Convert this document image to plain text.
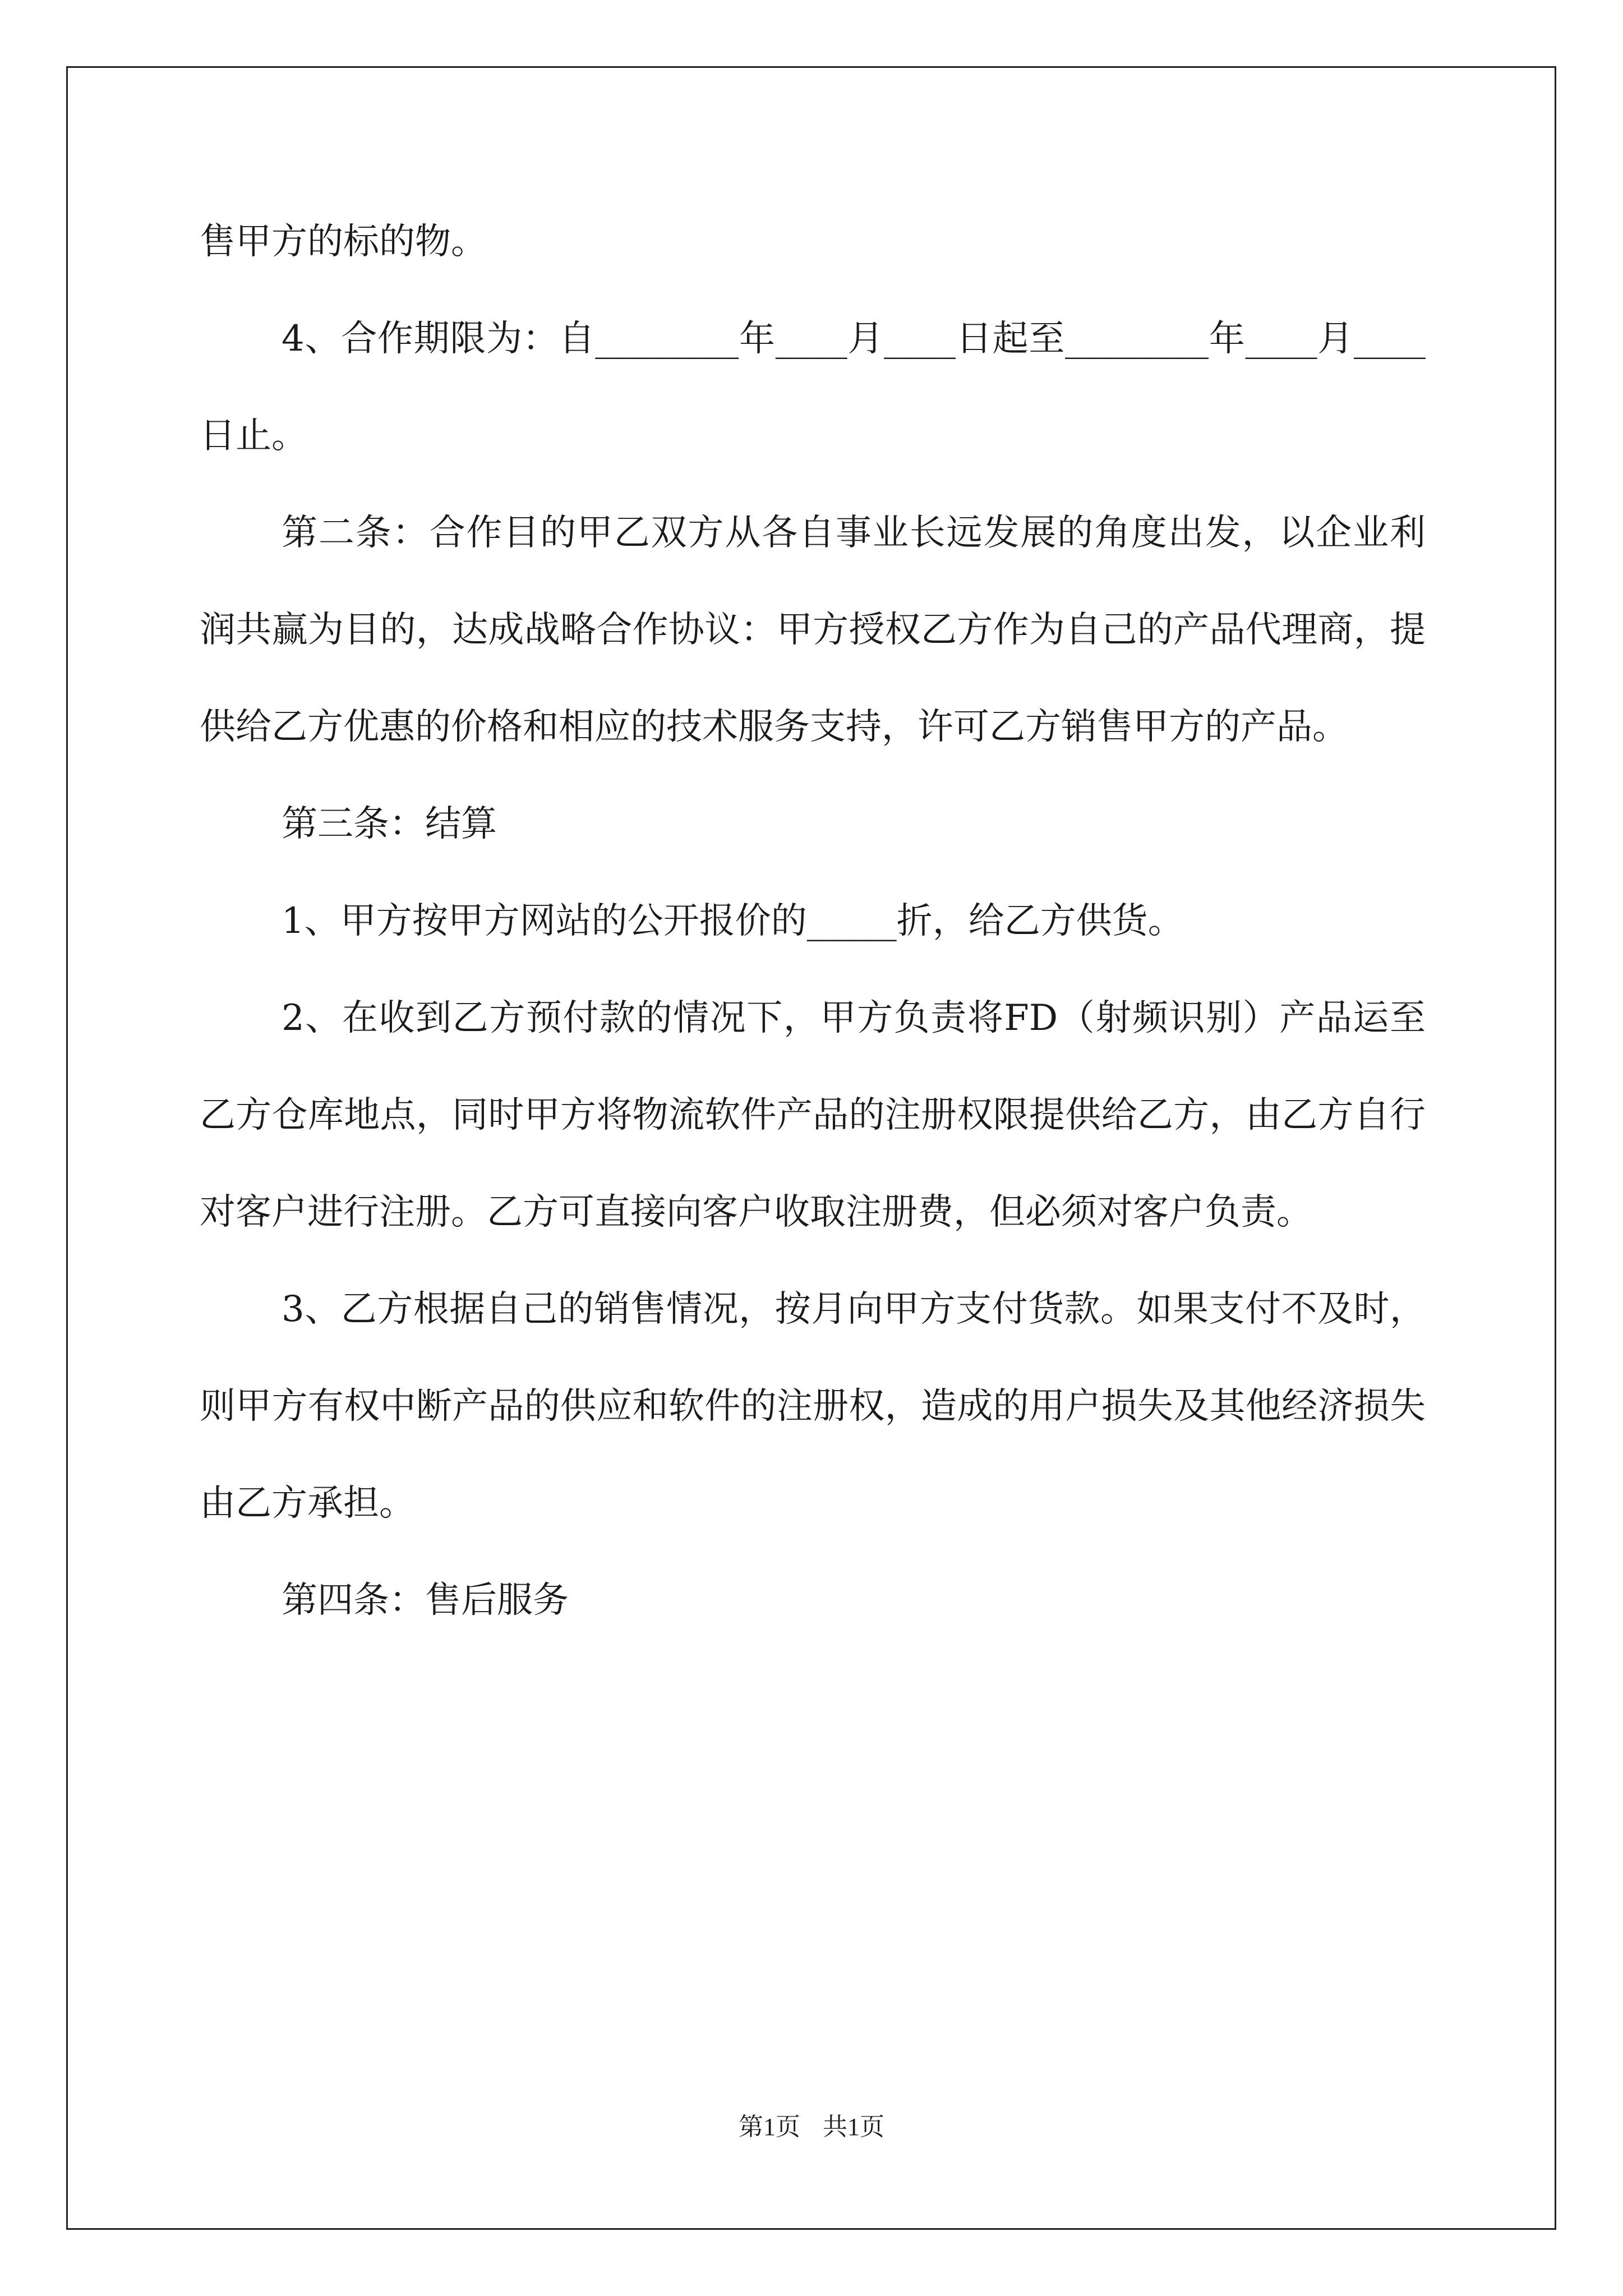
售甲方的标的物。

4、合作期限为：自________年____月____日起至________年____月____日止。

第二条：合作目的甲乙双方从各自事业长远发展的角度出发，以企业利润共赢为目的，达成战略合作协议：甲方授权乙方作为自己的产品代理商，提供给乙方优惠的价格和相应的技术服务支持，许可乙方销售甲方的产品。

第三条：结算

1、甲方按甲方网站的公开报价的_____折，给乙方供货。

2、在收到乙方预付款的情况下，甲方负责将FD（射频识别）产品运至乙方仓库地点，同时甲方将物流软件产品的注册权限提供给乙方，由乙方自行对客户进行注册。乙方可直接向客户收取注册费，但必须对客户负责。

3、乙方根据自己的销售情况，按月向甲方支付货款。如果支付不及时，则甲方有权中断产品的供应和软件的注册权，造成的用户损失及其他经济损失由乙方承担。

第四条：售后服务

第1页 共1页
